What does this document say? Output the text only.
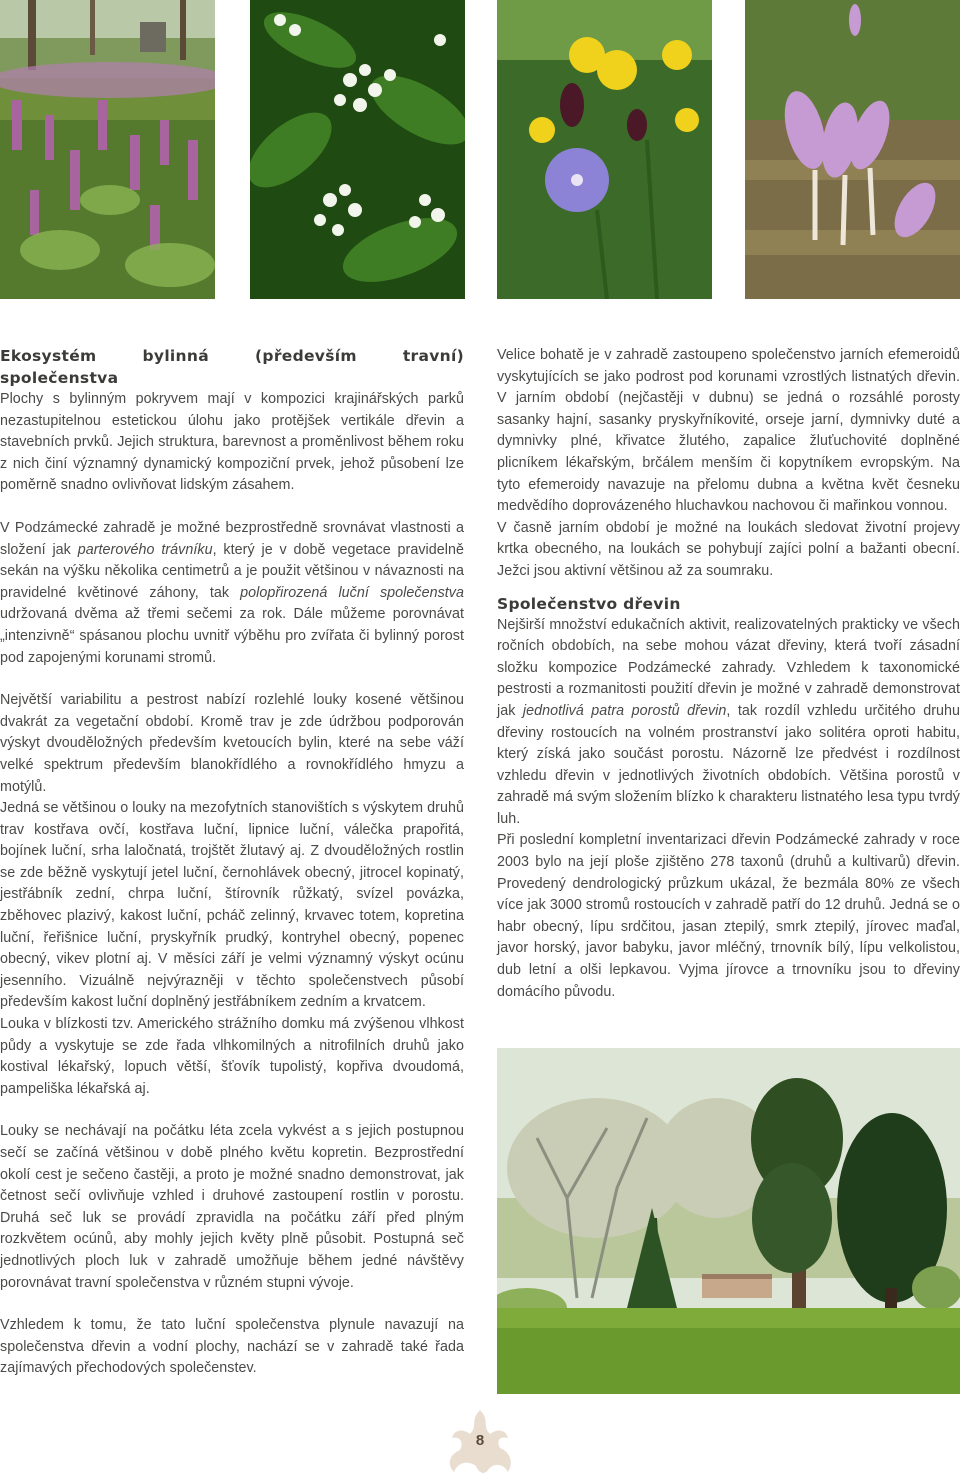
Ekosystém bylinná (především travní) společenstva

Plochy s bylinným pokryvem mají v kompozici krajinářských parků nezastupitelnou estetickou úlohu jako protějšek vertikále dřevin a stavebních prvků. Jejich struktura, barevnost a proměnlivost během roku z nich činí významný dynamický kompoziční prvek, jehož působení lze poměrně snadno ovlivňovat lidským zásahem.

V Podzámecké zahradě je možné bezprostředně srovnávat vlastnosti a složení jak parterového trávníku, který je v době vegetace pravidelně sekán na výšku několika centimetrů a je použit většinou v návaznosti na pravidelné květinové záhony, tak polopřirozená luční společenstva udržovaná dvěma až třemi sečemi za rok. Dále můžeme porovnávat „intenzivně“ spásanou plochu uvnitř výběhu pro zvířata či bylinný porost pod zapojenými korunami stromů.

Největší variabilitu a pestrost nabízí rozlehlé louky kosené většinou dvakrát za vegetační období. Kromě trav je zde údržbou podporován výskyt dvouděložných především kvetoucích bylin, které na sebe váží velké spektrum především blanokřídlého a rovnokřídlého hmyzu a motýlů.

Jedná se většinou o louky na mezofytních stanovištích s výskytem druhů trav kostřava ovčí, kostřava luční, lipnice luční, válečka prapořitá, bojínek luční, srha laločnatá, trojštět žlutavý aj. Z dvouděložných rostlin se zde běžně vyskytují jetel luční, černohlávek obecný, jitrocel kopinatý, jestřábník zední, chrpa luční, štírovník růžkatý, svízel povázka, zběhovec plazivý, kakost luční, pcháč zelinný, krvavec totem, kopretina luční, řeřišnice luční, pryskyřník prudký, kontryhel obecný, popenec obecný, vikev plotní aj. V měsíci září je velmi významný výskyt ocúnu jesenního. Vizuálně nejvýrazněji v těchto společenstvech působí především kakost luční doplněný jestřábníkem zedním a krvatcem.

Louka v blízkosti tzv. Amerického strážního domku má zvýšenou vlhkost půdy a vyskytuje se zde řada vlhkomilných a nitrofilních druhů jako kostival lékařský, lopuch větší, šťovík tupolistý, kopřiva dvoudomá, pampeliška lékařská aj.

Louky se nechávají na počátku léta zcela vykvést a s jejich postupnou sečí se začíná většinou v době plného květu kopretin. Bezprostřední okolí cest je sečeno častěji, a proto je možné snadno demonstrovat, jak četnost sečí ovlivňuje vzhled i druhové zastoupení rostlin v porostu. Druhá seč luk se provádí zpravidla na počátku září před plným rozkvětem ocúnů, aby mohly jejich květy plně působit. Postupná seč jednotlivých ploch luk v zahradě umožňuje během jedné návštěvy porovnávat travní společenstva v různém stupni vývoje.

Vzhledem k tomu, že tato luční společenstva plynule navazují na společenstva dřevin a vodní plochy, nachází se v zahradě také řada zajímavých přechodových společenstev.

Velice bohatě je v zahradě zastoupeno společenstvo jarních efemeroidů vyskytujících se jako podrost pod korunami vzrostlých listnatých dřevin. V jarním období (nejčastěji v dubnu) se jedná o rozsáhlé porosty sasanky hajní, sasanky pryskyřníkovité, orseje jarní, dymnivky duté a dymnivky plné, křivatce žlutého, zapalice žluťuchovité doplněné plicníkem lékařským, brčálem menším či kopytníkem evropským. Na tyto efemeroidy navazuje na přelomu dubna a května květ česneku medvědího doprovázeného hluchavkou nachovou či mařinkou vonnou.

V časně jarním období je možné na loukách sledovat životní projevy krtka obecného, na loukách se pohybují zajíci polní a bažanti obecní. Ježci jsou aktivní většinou až za soumraku.

Společenstvo dřevin

Nejširší množství edukačních aktivit, realizovatelných prakticky ve všech ročních obdobích, na sebe mohou vázat dřeviny, která tvoří zásadní složku kompozice Podzámecké zahrady. Vzhledem k taxonomické pestrosti a rozmanitosti použití dřevin je možné v zahradě demonstrovat jak jednotlivá patra porostů dřevin, tak rozdíl vzhledu určitého druhu dřeviny rostoucích na volném prostranství jako solitéra oproti habitu, který získá jako součást porostu. Názorně lze předvést i rozdílnost vzhledu dřevin v jednotlivých životních obdobích. Většina porostů v zahradě má svým složením blízko k charakteru listnatého lesa typu tvrdý luh.

Při poslední kompletní inventarizaci dřevin Podzámecké zahrady v roce 2003 bylo na její ploše zjištěno 278 taxonů (druhů a kultivarů) dřevin. Provedený dendrologický průzkum ukázal, že bezmála 80% ze všech více jak 3000 stromů rostoucích v zahradě patří do 12 druhů. Jedná se o habr obecný, lípu srdčitou, jasan ztepilý, smrk ztepilý, jírovec maďal, javor horský, javor babyku, javor mléčný, trnovník bílý, lípu velkolistou, dub letní a olši lepkavou. Vyjma jírovce a trnovníku jsou to dřeviny domácího původu.

8
